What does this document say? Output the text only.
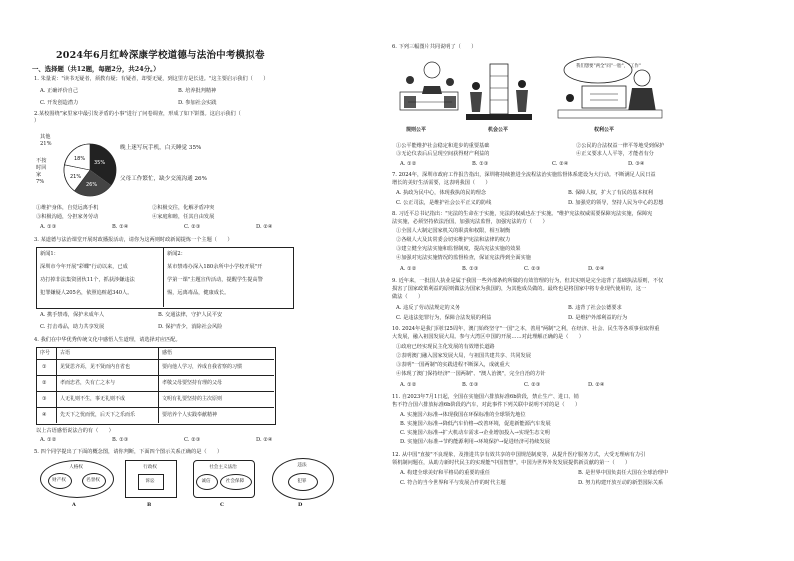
2024年6月红岭深康学校道德与法治中考模拟卷
一、选择题（共12题，每题2分，共24分。）
1. 朱量说："读书无疑者，须教有疑；有疑者，却要无疑，到这里方是长进。"这主要启示我们（　　）
A. 正确评价自己	B. 培养批判精神
C. 开发创造潜力	D. 参加社会实践
2.某校围绕"家里家中最引发矛盾的小事"进行了问卷调查，形成了如下饼图。这启示我们（
）
35%
26%
21%
18%
其他
21%
不按
时回
家
7%
晚上迷写玩手机，白天睡觉 35%
父母工作繁忙，缺少交流沟通 26%
①维护身体，自觉远离手机	②积极交往，化解矛盾冲突
③积极沟通，分担家务劳动	④家庭和睦，任其自由发展
A. ①③	B. ①④	C. ②③	D. ②④
3. 某道德与法治课堂开展时政播报活动，请你为这两则时政新闻提炼一个主题（　　）
新闻1：
深圳市今年开展"彩蝶"行动以来，已成
功打掉非法集资团伙11个，抓获涉嫌违法
犯罪嫌疑人205名，依照追赃超340人。
新闻2：
某市禁毒办深入180余所中小学校开展"开
学第一课"主题宣传活动，提醒学生提高警
惕，远离毒品，健康成长。
A. 携手禁毒，保护未成年人	B. 交通法律，守护人民平安
C. 打击毒品，助力共享发展	D. 保护青少，消除社会风险
4. 我们在中华优秀传统文化中感悟人生道理，请选择对应匹配。
序号 古语	感悟
①	见贤思齐焉，见不贤而内自省也	要向他人学习，养成自我省察的习惯
②	孝而忠君，失有亡之本与	孝敬父母要坚持有理的父母
③	人无礼则不生，事无礼则不成	文明有礼要坚持的主次原则
④	先天下之忧而忧，后天下之乐而乐	要培养个人实践奉献精神
以上古语感悟说法合的有（　　）
A. ①②	B. ①③	C. ②③	D. ②④
5. 四个同学提出了下面的概念图，请你判断，下面四个图示关系正确的是（　　）
人格权
财产权	名誉权
行政权
诉讼
社会主义法治
诚信	社会保障
违法
犯罪
A	B	C	D
6. 下列三幅图片共同说明了（　　）
规则公平	机会公平
我们想要"两全"同"一胎"，"工作"
权利公平
①公平能维护社会稳定和进步的重要基础	②公民的合法权益一律平等地受到保护
③无论仪表后后呈现空间获得财产利益的	④正义要求人人平等，才能者有分
A. ①②	B. ①③	C. ②④	D. ③④
7. 2024年，深圳市政府工作报告指出，深圳将持续推进全流程法治实施监督体系建设为大行动。不断满足人民日益
增长的美好生活需要，这表明我国（　　）
A. 执政为民中心，体现我执的民的理念	B. 保障人权，扩大了有民的基本权利
C. 公正司法，是维护社会公平正义的防线	D. 加强党的领导，坚持人民为中心的思想
8. 习近平总书记指出："宪法的生命在于实施，宪法的权威也在于实施。"维护宪法权威需要保障宪法实施，保障宪
法实施，必须坚持依法治国，加强宪法监督，加强宪法的方（　　）
①全国人大制定国家机关的职责和权限，相互制衡
②各级人大及其常委会切实维护宪法和法律的权力
③建立健全宪法实施和监督制度，提高宪法实施的效果
④加强对宪法实施情况的监督检查，保证宪法得到全面实施
A. ①②	B. ①③	C. ②③	D. ②④
9. 近年来，一批国人执业是属于我国一些外部条约所做的有效管理的行为，但其实则是完全违背了基础执法原则，不仅
损害了国家政策利益的原则做法为国家为我国的，为其他成员做的。最终也是将国家中将专业现代使用的，这一
做法（　　）
A. 违反了劳动法规定的义务	B. 违背了社会公德要求
C. 是违法犯罪行为，保障合法发展的利益	D. 是维护外部利益的行为
10. 2024年是我门回归25周年，澳门始终坚守"一国"之本，善用"两制"之利，在经济、社会、民生等各项事业取得重
大发展，融入祖国发展大局。参与大湾区中国的开展……对此理解正确的是（　　）
①政府已经实现民主化发展的有效增长道路
②表明澳门融入国家发展大局，与祖国共建共享、共同发展
③表明"一国两制"的实践进程不断深入，成就重大
④体现了澳门保持经济"一国两制"、"澳人治澳"，完全自治的方针
A. ①②	B. ①③	C. ②③	D. ②④
11. 自2023年7月1日起，全国在实施国六排放标准6b阶段，禁止生产、进口、销
售不符合国六排放标准6b阶段的汽车，对此事件下列关联中说明不对的是（　　）
A. 实施国六标准→体现我国在环保标准的全球领先地位
B. 实施国六标准→降低汽车价格→改善环境，促进新能源汽车发展
C. 实施国六标准→扩大机动车需求→企业增加投入→实现生态文明
D. 实施国六标准→节约能源利用→环境保护→促进经济可持续发展
12. 从中国"直接"不良现象，及推进共享有效共享的中国规范制度等，从提升医疗服务方式，大受无理病有力引
领机制问题在，从助力新时代民主的实现能"中国智慧"，中国为世界外发发展提供新贡献的第一（　　）
A. 构建全球美好和平格局的重要的重任	B. 是世界中国负责任大国在全球治理中
C. 符合的当今世界和平与发展合作的时代主题	D. 努力构建开放互动的新型国际关系
